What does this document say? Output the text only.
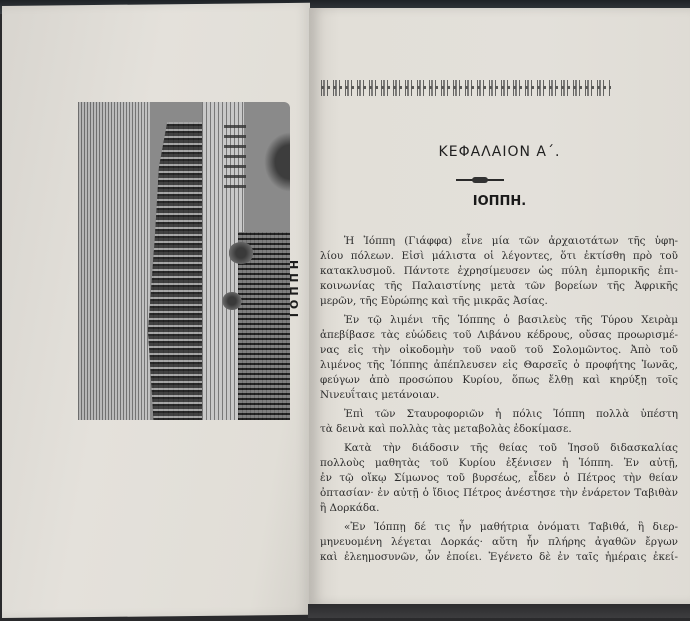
ΙΟΠΠΗ
ΚΕΦΑΛΑΙΟΝ Α΄.
ΙΟΠΠΗ.

Ἡ Ἰόππη (Γιάφφα) εἶνε μία τῶν ἀρχαιοτάτων τῆς ὑφη-
λίου πόλεων. Εἰσὶ μάλιστα οἱ λέγοντες, ὅτι ἐκτίσθη πρὸ τοῦ
κατακλυσμοῦ. Πάντοτε ἐχρησίμευσεν ὡς πύλη ἐμπορικῆς ἐπι-
κοινωνίας τῆς Παλαιστίνης μετὰ τῶν βορείων τῆς Ἀφρικῆς
μερῶν, τῆς Εὐρώπης καὶ τῆς μικρᾶς Ἀσίας.

Ἐν τῷ λιμένι τῆς Ἰόππης ὁ βασιλεὺς τῆς Τύρου Χειρὰμ
ἀπεβίβασε τὰς εὐώδεις τοῦ Λιβάνου κέδρους, οὔσας προωρισμέ-
νας εἰς τὴν οἰκοδομὴν τοῦ ναοῦ τοῦ Σολομῶντος. Ἀπὸ τοῦ
λιμένος τῆς Ἰόππης ἀπέπλευσεν εἰς Θαρσεῖς ὁ προφήτης Ἰωνᾶς,
φεύγων ἀπὸ προσώπου Κυρίου, ὅπως ἔλθῃ καὶ κηρύξῃ τοῖς
Νινευΐταις μετάνοιαν.

Ἐπὶ τῶν Σταυροφοριῶν ἡ πόλις Ἰόππη πολλὰ ὑπέστη
τὰ δεινὰ καὶ πολλὰς τὰς μεταβολὰς ἐδοκίμασε.

Κατὰ τὴν διάδοσιν τῆς θείας τοῦ Ἰησοῦ διδασκαλίας
πολλοὺς μαθητὰς τοῦ Κυρίου ἐξένισεν ἡ Ἰόππη. Ἐν αὐτῇ,
ἐν τῷ οἴκῳ Σίμωνος τοῦ βυρσέως, εἶδεν ὁ Πέτρος τὴν θείαν
ὀπτασίαν· ἐν αὐτῇ ὁ ἴδιος Πέτρος ἀνέστησε τὴν ἐνάρετον Ταβιθὰν
ἢ Δορκάδα.

«Ἐν Ἰόππῃ δέ τις ἦν μαθήτρια ὀνόματι Ταβιθά, ἣ διερ-
μηνευομένη λέγεται Δορκάς· αὕτη ἦν πλήρης ἀγαθῶν ἔργων
καὶ ἐλεημοσυνῶν, ὧν ἐποίει. Ἐγένετο δὲ ἐν ταῖς ἡμέραις ἐκεί-
